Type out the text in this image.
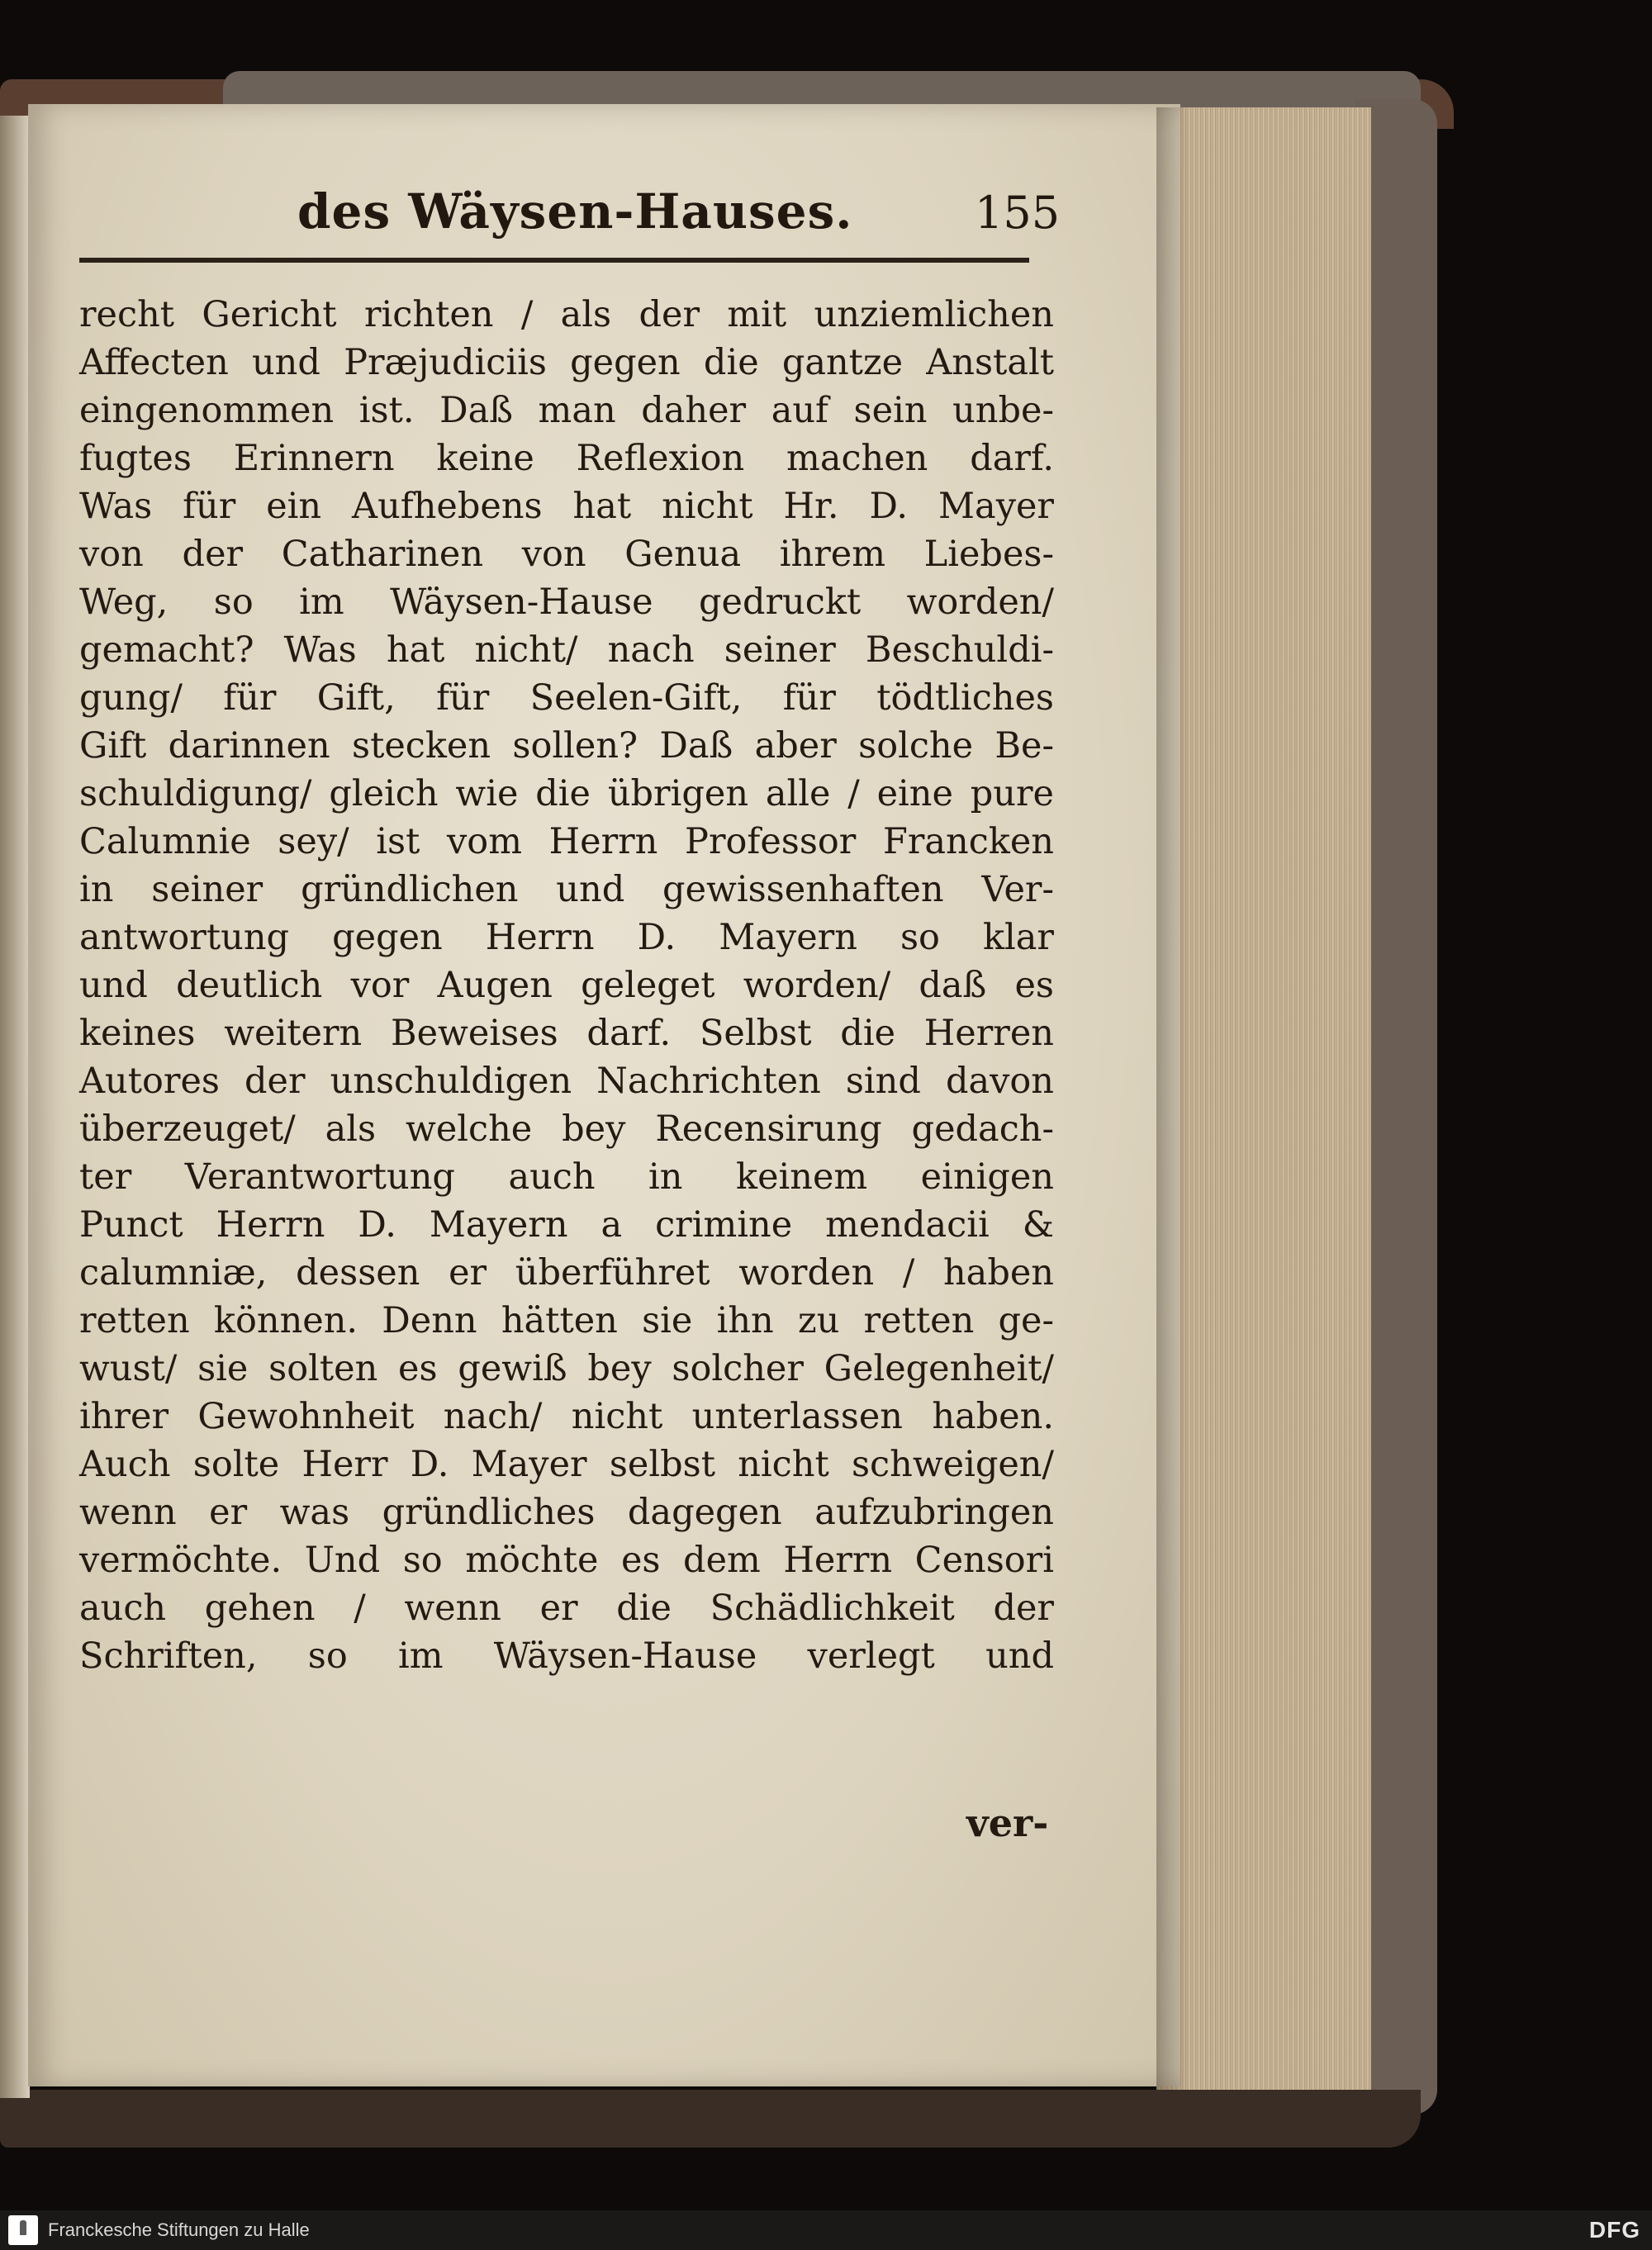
des Wäysen-Hauses.	155
recht Gericht richten / als der mit unziemlichen
Affecten und Præjudiciis gegen die gantze Anstalt
eingenommen ist. Daß man daher auf sein unbe-
fugtes Erinnern keine Reflexion machen darf.
Was für ein Aufhebens hat nicht Hr. D. Mayer
von der Catharinen von Genua ihrem Liebes-
Weg, so im Wäysen-Hause gedruckt worden/
gemacht? Was hat nicht/ nach seiner Beschuldi-
gung/ für Gift, für Seelen-Gift, für tödtliches
Gift darinnen stecken sollen? Daß aber solche Be-
schuldigung/ gleich wie die übrigen alle / eine pure
Calumnie sey/ ist vom Herrn Professor Francken
in seiner gründlichen und gewissenhaften Ver-
antwortung gegen Herrn D. Mayern so klar
und deutlich vor Augen geleget worden/ daß es
keines weitern Beweises darf. Selbst die Herren
Autores der unschuldigen Nachrichten sind davon
überzeuget/ als welche bey Recensirung gedach-
ter Verantwortung auch in keinem einigen
Punct Herrn D. Mayern a crimine mendacii &
calumniæ, dessen er überführet worden / haben
retten können. Denn hätten sie ihn zu retten ge-
wust/ sie solten es gewiß bey solcher Gelegenheit/
ihrer Gewohnheit nach/ nicht unterlassen haben.
Auch solte Herr D. Mayer selbst nicht schweigen/
wenn er was gründliches dagegen aufzubringen
vermöchte. Und so möchte es dem Herrn Censori
auch gehen / wenn er die Schädlichkeit der
Schriften, so im Wäysen-Hause verlegt und
ver-
Franckesche Stiftungen zu Halle	DFG
